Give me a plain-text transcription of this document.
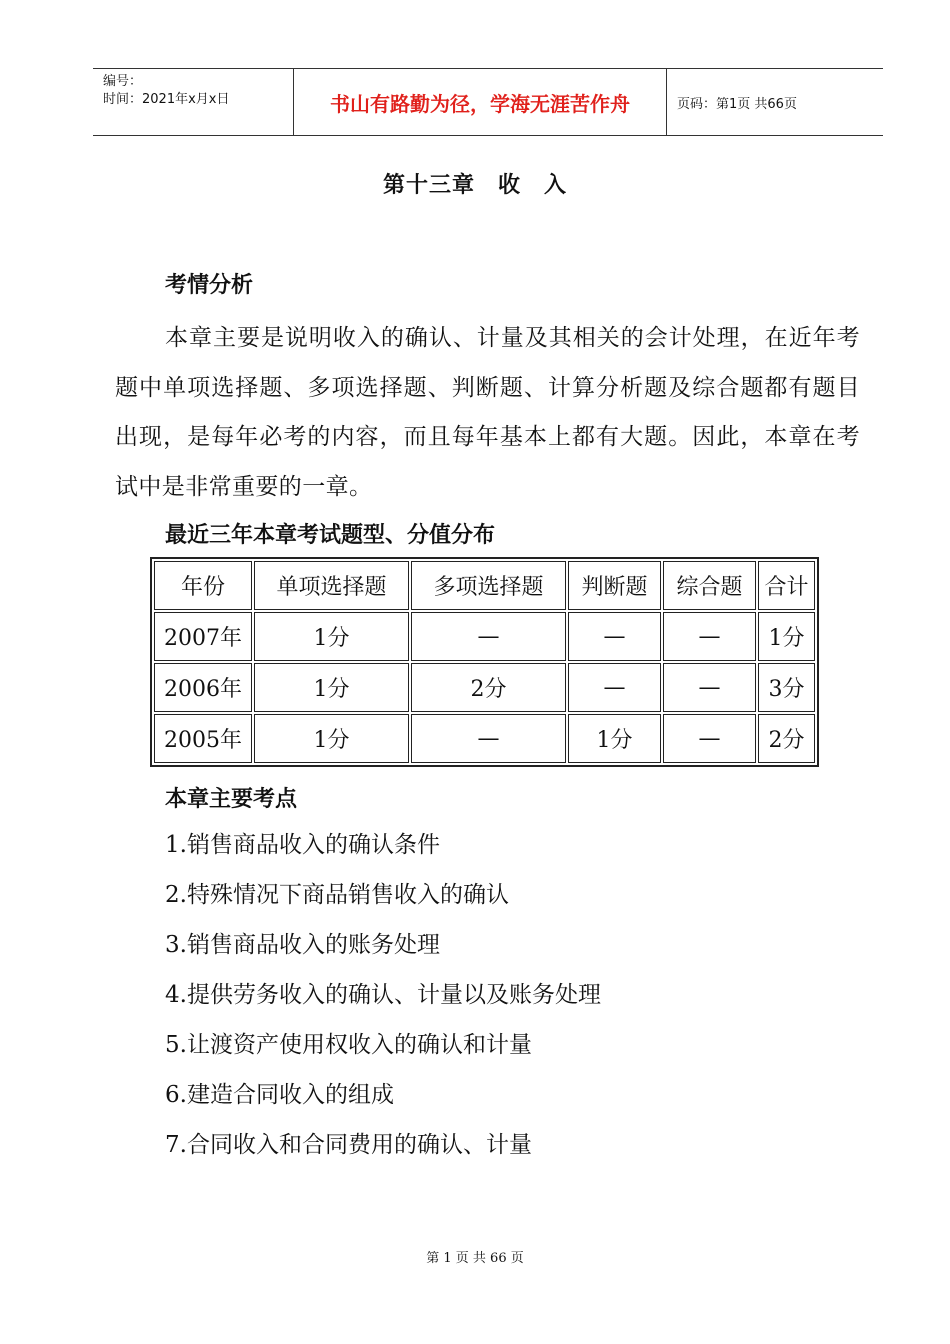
编号：
时间：2021年x月x日	书山有路勤为径，学海无涯苦作舟	页码：第1页 共66页
第十三章　收　入
考情分析
本章主要是说明收入的确认、计量及其相关的会计处理，在近年考题中单项选择题、多项选择题、判断题、计算分析题及综合题都有题目出现，是每年必考的内容，而且每年基本上都有大题。因此，本章在考试中是非常重要的一章。
最近三年本章考试题型、分值分布
年份	单项选择题	多项选择题	判断题	综合题	合计
2007年	1分	—	—	—	1分
2006年	1分	2分	—	—	3分
2005年	1分	—	1分	—	2分
本章主要考点
1.销售商品收入的确认条件
2.特殊情况下商品销售收入的确认
3.销售商品收入的账务处理
4.提供劳务收入的确认、计量以及账务处理
5.让渡资产使用权收入的确认和计量
6.建造合同收入的组成
7.合同收入和合同费用的确认、计量
第 1 页 共 66 页
